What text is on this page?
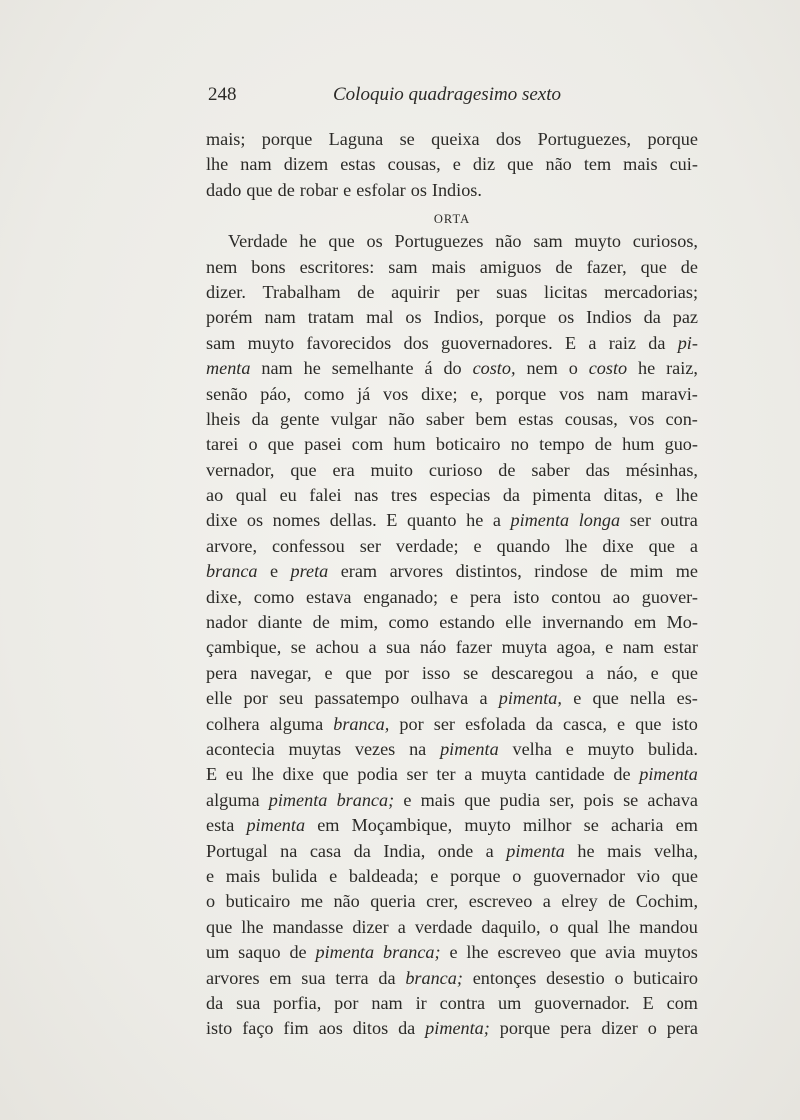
248	Coloquio quadragesimo sexto
mais; porque Laguna se queixa dos Portuguezes, porque
lhe nam dizem estas cousas, e diz que não tem mais cui-
dado que de robar e esfolar os Indios.
ORTA
Verdade he que os Portuguezes não sam muyto curiosos,
nem bons escritores: sam mais amiguos de fazer, que de
dizer. Trabalham de aquirir per suas licitas mercadorias;
porém nam tratam mal os Indios, porque os Indios da paz
sam muyto favorecidos dos guovernadores. E a raiz da pi-
menta nam he semelhante á do costo, nem o costo he raiz,
senão páo, como já vos dixe; e, porque vos nam maravi-
lheis da gente vulgar não saber bem estas cousas, vos con-
tarei o que pasei com hum boticairo no tempo de hum guo-
vernador, que era muito curioso de saber das mésinhas,
ao qual eu falei nas tres especias da pimenta ditas, e lhe
dixe os nomes dellas. E quanto he a pimenta longa ser outra
arvore, confessou ser verdade; e quando lhe dixe que a
branca e preta eram arvores distintos, rindose de mim me
dixe, como estava enganado; e pera isto contou ao guover-
nador diante de mim, como estando elle invernando em Mo-
çambique, se achou a sua náo fazer muyta agoa, e nam estar
pera navegar, e que por isso se descaregou a náo, e que
elle por seu passatempo oulhava a pimenta, e que nella es-
colhera alguma branca, por ser esfolada da casca, e que isto
acontecia muytas vezes na pimenta velha e muyto bulida.
E eu lhe dixe que podia ser ter a muyta cantidade de pimenta
alguma pimenta branca; e mais que pudia ser, pois se achava
esta pimenta em Moçambique, muyto milhor se acharia em
Portugal na casa da India, onde a pimenta he mais velha,
e mais bulida e baldeada; e porque o guovernador vio que
o buticairo me não queria crer, escreveo a elrey de Cochim,
que lhe mandasse dizer a verdade daquilo, o qual lhe mandou
um saquo de pimenta branca; e lhe escreveo que avia muytos
arvores em sua terra da branca; entonçes desestio o buticairo
da sua porfia, por nam ir contra um guovernador. E com
isto faço fim aos ditos da pimenta; porque pera dizer o pera
